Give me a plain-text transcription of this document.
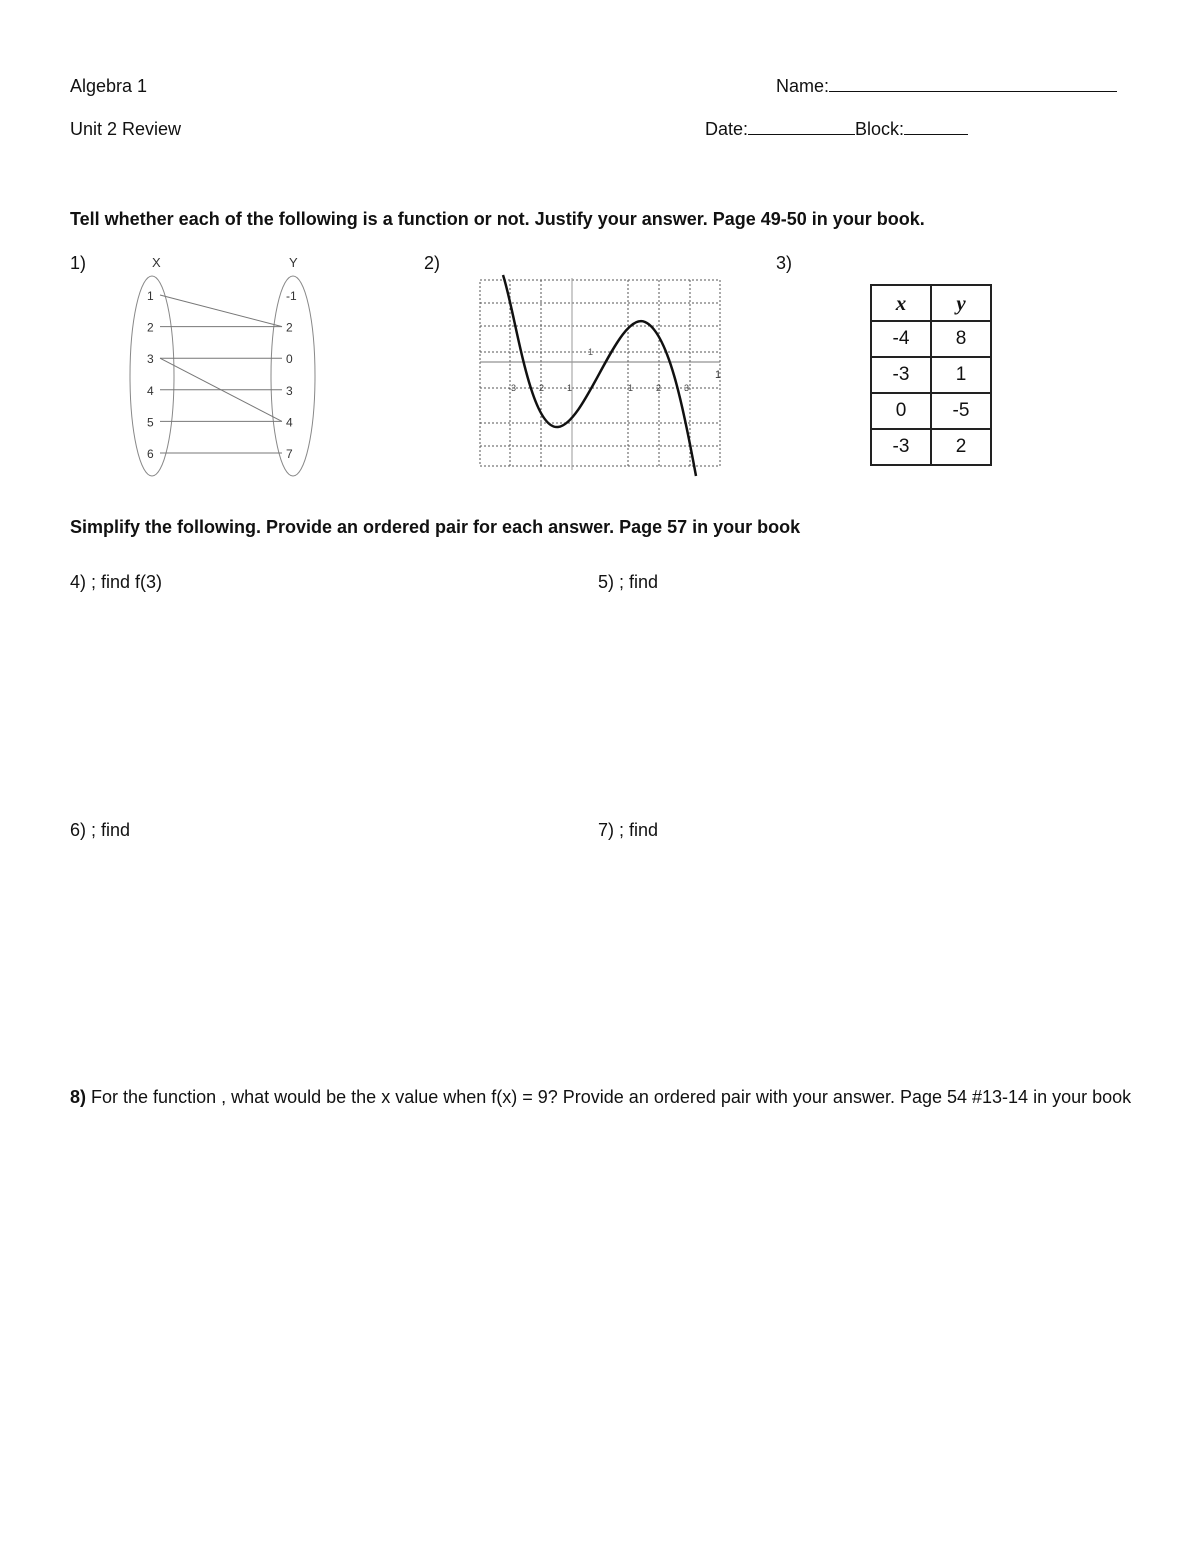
Algebra 1
Unit 2 Review
Name:
Date:	Block:
Tell whether each of the following is a function or not. Justify your answer. Page 49-50 in your book.
1)	2)	3)
X	Y
1
2
3
4
5
6
-1
2
0
3
4
7
-3 -2 -1	1	2	3
1
1
x	y
-4	8
-3	1
0	-5
-3	2
Simplify the following. Provide an ordered pair for each answer. Page 57 in your book
4) ; find f(3)	5) ; find
6) ; find	7) ; find
8) For the function , what would be the x value when f(x) = 9? Provide an ordered pair with your answer. Page 54 #13-14 in your book
